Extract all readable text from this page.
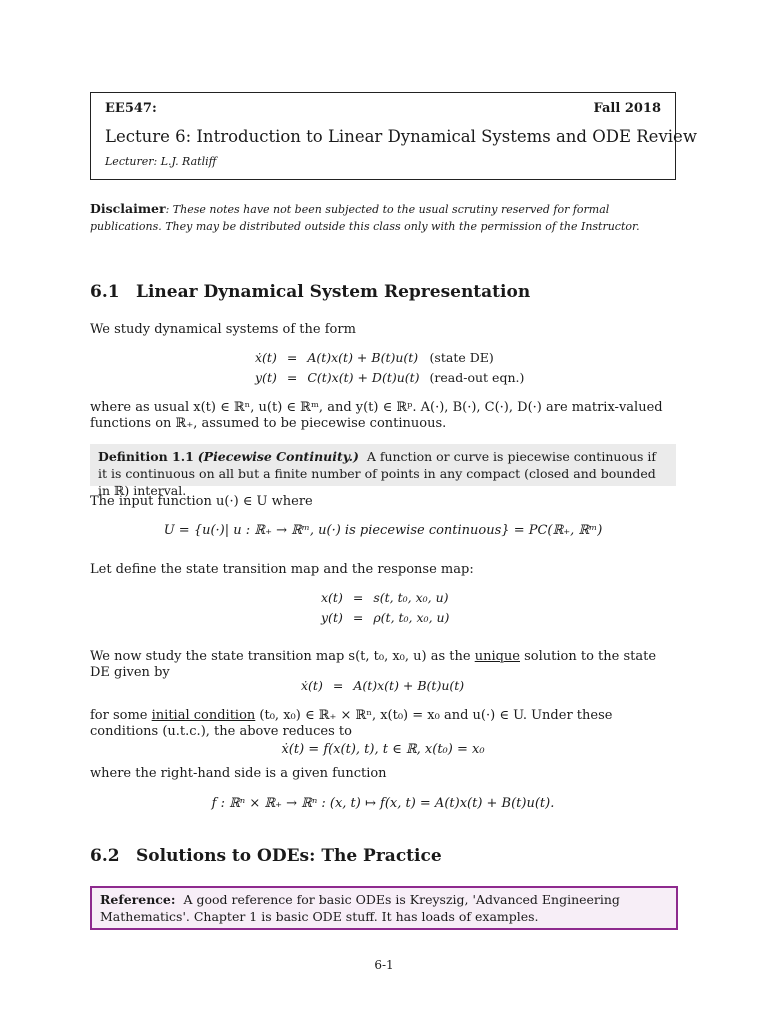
EE547:	Fall 2018
Lecture 6: Introduction to Linear Dynamical Systems and ODE Review
Lecturer: L.J. Ratliff
Disclaimer: These notes have not been subjected to the usual scrutiny reserved for formal publications. They may be distributed outside this class only with the permission of the Instructor.
6.1 Linear Dynamical System Representation
We study dynamical systems of the form
ẋ(t)	=	A(t)x(t) + B(t)u(t)	(state DE)
y(t)	=	C(t)x(t) + D(t)u(t)	(read-out eqn.)
where as usual x(t) ∈ ℝⁿ, u(t) ∈ ℝᵐ, and y(t) ∈ ℝᵖ. A(·), B(·), C(·), D(·) are matrix-valued functions on ℝ₊, assumed to be piecewise continuous.
Definition 1.1 (Piecewise Continuity.) A function or curve is piecewise continuous if it is continuous on all but a finite number of points in any compact (closed and bounded in ℝ) interval.
The input function u(·) ∈ U where
U = {u(·)| u : ℝ₊ → ℝᵐ, u(·) is piecewise continuous} = PC(ℝ₊, ℝᵐ)
Let define the state transition map and the response map:
x(t)	=	s(t, t₀, x₀, u)
y(t)	=	ρ(t, t₀, x₀, u)
We now study the state transition map s(t, t₀, x₀, u) as the unique solution to the state DE given by
ẋ(t)	=	A(t)x(t) + B(t)u(t)
for some initial condition (t₀, x₀) ∈ ℝ₊ × ℝⁿ, x(t₀) = x₀ and u(·) ∈ U. Under these conditions (u.t.c.), the above reduces to
ẋ(t) = f(x(t), t), t ∈ ℝ, x(t₀) = x₀
where the right-hand side is a given function
f : ℝⁿ × ℝ₊ → ℝⁿ : (x, t) ↦ f(x, t) = A(t)x(t) + B(t)u(t).
6.2 Solutions to ODEs: The Practice
Reference: A good reference for basic ODEs is Kreyszig, 'Advanced Engineering Mathematics'. Chapter 1 is basic ODE stuff. It has loads of examples.
6-1
